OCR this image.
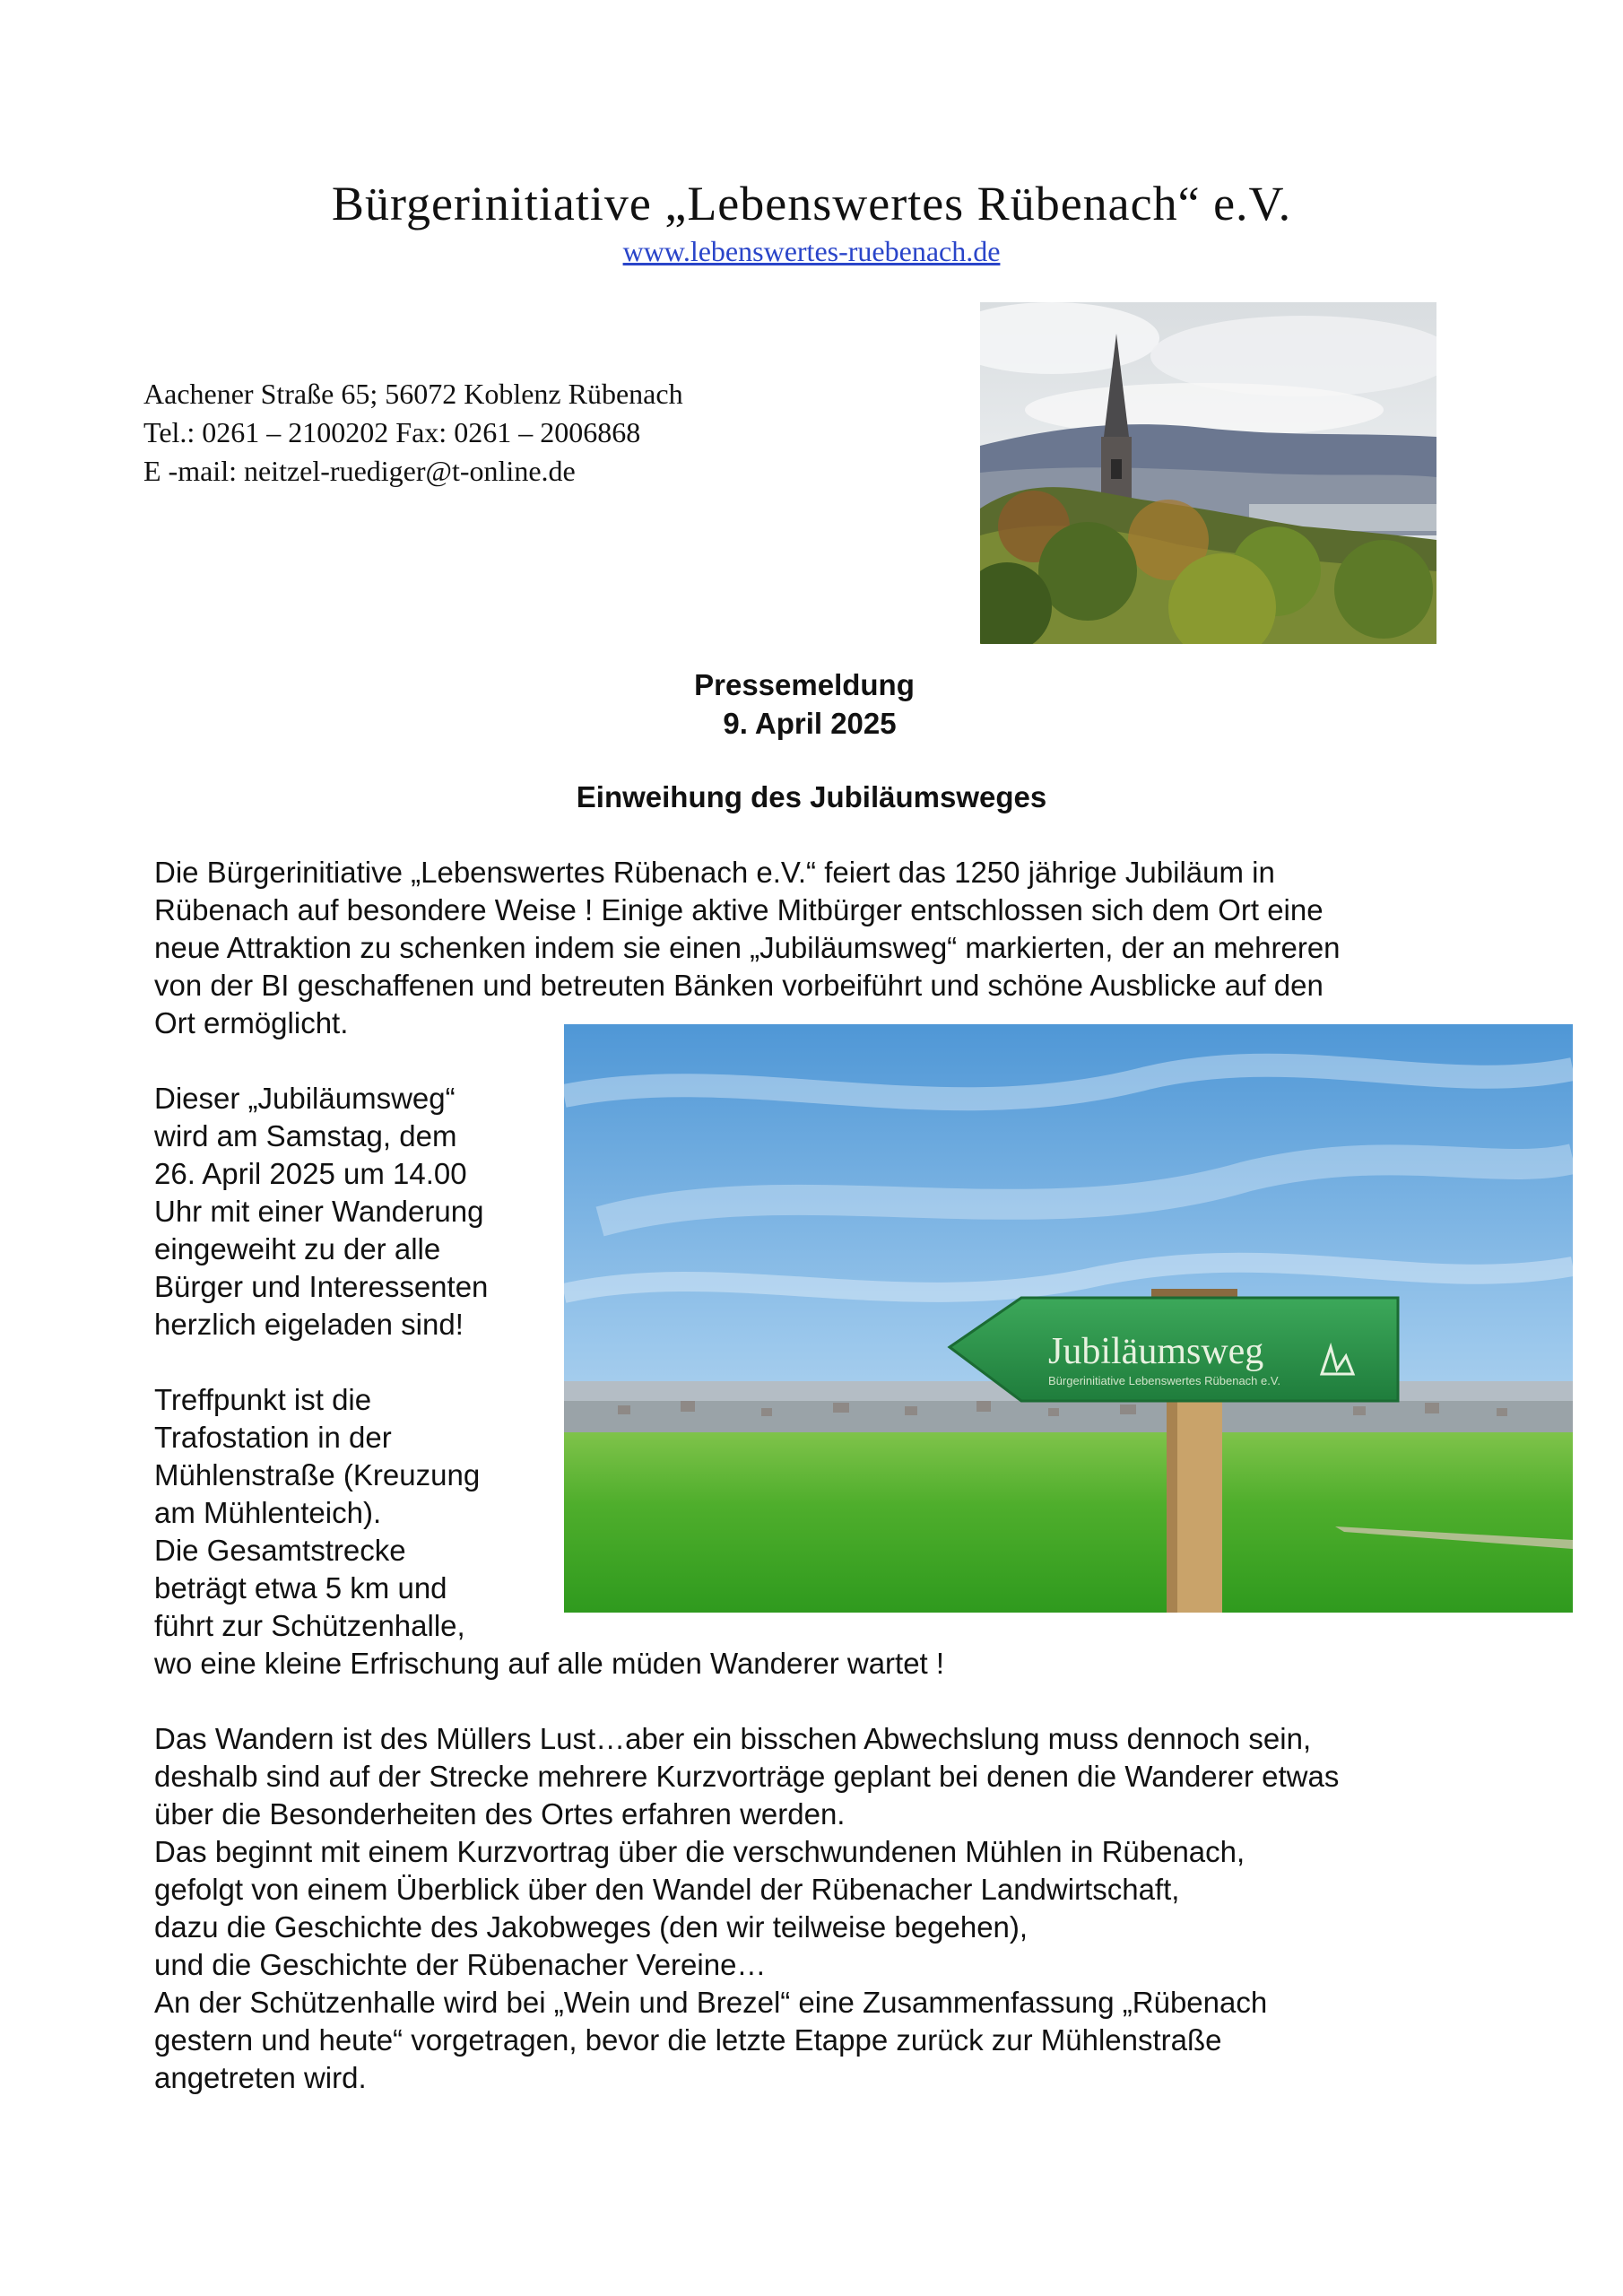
Bürgerinitiative „Lebenswertes Rübenach“ e.V.
www.lebenswertes-ruebenach.de
Aachener Straße 65; 56072 Koblenz Rübenach
Tel.: 0261 – 2100202 Fax: 0261 – 2006868
E -mail: neitzel-ruediger@t-online.de
Pressemeldung
9. April 2025
Einweihung des Jubiläumsweges
Die Bürgerinitiative „Lebenswertes Rübenach e.V.“ feiert das 1250 jährige Jubiläum in
Rübenach auf besondere Weise ! Einige aktive Mitbürger entschlossen sich dem Ort eine
neue Attraktion zu schenken indem sie einen „Jubiläumsweg“ markierten, der an mehreren
von der BI geschaffenen und betreuten Bänken vorbeiführt und schöne Ausblicke auf den
Ort ermöglicht.
Dieser „Jubiläumsweg“
wird am Samstag, dem
26. April 2025 um 14.00
Uhr mit einer Wanderung
eingeweiht zu der alle
Bürger und Interessenten
herzlich eigeladen sind!
Jubiläumsweg
Bürgerinitiative Lebenswertes Rübenach e.V.
Treffpunkt ist die
Trafostation in der
Mühlenstraße (Kreuzung
am Mühlenteich).
Die Gesamtstrecke
beträgt etwa 5 km und
führt zur Schützenhalle,
wo eine kleine Erfrischung auf alle müden Wanderer wartet !
Das Wandern ist des Müllers Lust…aber ein bisschen Abwechslung muss dennoch sein,
deshalb sind auf der Strecke mehrere Kurzvorträge geplant bei denen die Wanderer etwas
über die Besonderheiten des Ortes erfahren werden.
Das beginnt mit einem Kurzvortrag über die verschwundenen Mühlen in Rübenach,
gefolgt von einem Überblick über den Wandel der Rübenacher Landwirtschaft,
dazu die Geschichte des Jakobweges (den wir teilweise begehen),
und die Geschichte der Rübenacher Vereine…
An der Schützenhalle wird bei „Wein und Brezel“ eine Zusammenfassung „Rübenach
gestern und heute“ vorgetragen, bevor die letzte Etappe zurück zur Mühlenstraße
angetreten wird.
